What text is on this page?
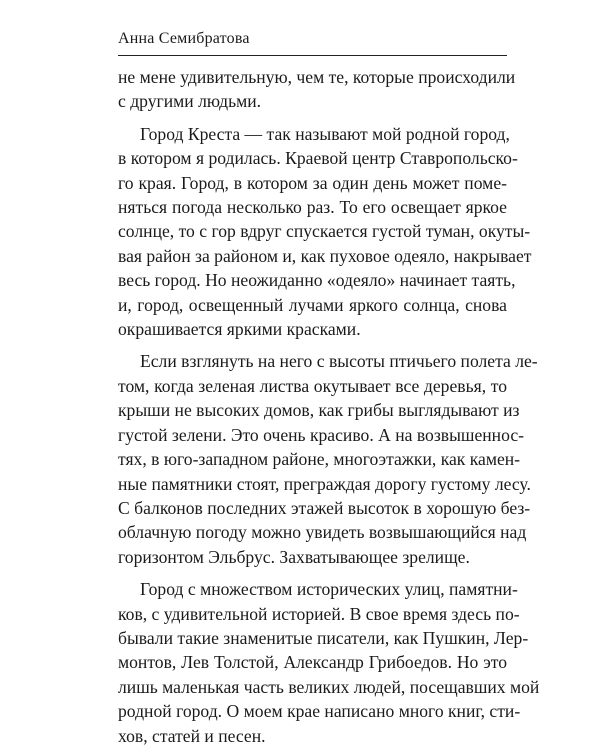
Анна Семибратова
не мене удивительную, чем те, которые происходили
с другими людьми.
Город Креста — так называют мой родной город,
в котором я родилась. Краевой центр Ставропольско-
го края. Город, в котором за один день может поме-
няться погода несколько раз. То его освещает яркое
солнце, то с гор вдруг спускается густой туман, окуты-
вая район за районом и, как пуховое одеяло, накрывает
весь город. Но неожиданно «одеяло» начинает таять,
и, город, освещенный лучами яркого солнца, снова
окрашивается яркими красками.
Если взглянуть на него с высоты птичьего полета ле-
том, когда зеленая листва окутывает все деревья, то
крыши не высоких домов, как грибы выглядывают из
густой зелени. Это очень красиво. А на возвышеннос-
тях, в юго-западном районе, многоэтажки, как камен-
ные памятники стоят, преграждая дорогу густому лесу.
С балконов последних этажей высоток в хорошую без-
облачную погоду можно увидеть возвышающийся над
горизонтом Эльбрус. Захватывающее зрелище.
Город с множеством исторических улиц, памятни-
ков, с удивительной историей. В свое время здесь по-
бывали такие знаменитые писатели, как Пушкин, Лер-
монтов, Лев Толстой, Александр Грибоедов. Но это
лишь маленькая часть великих людей, посещавших мой
родной город. О моем крае написано много книг, сти-
хов, статей и песен.
